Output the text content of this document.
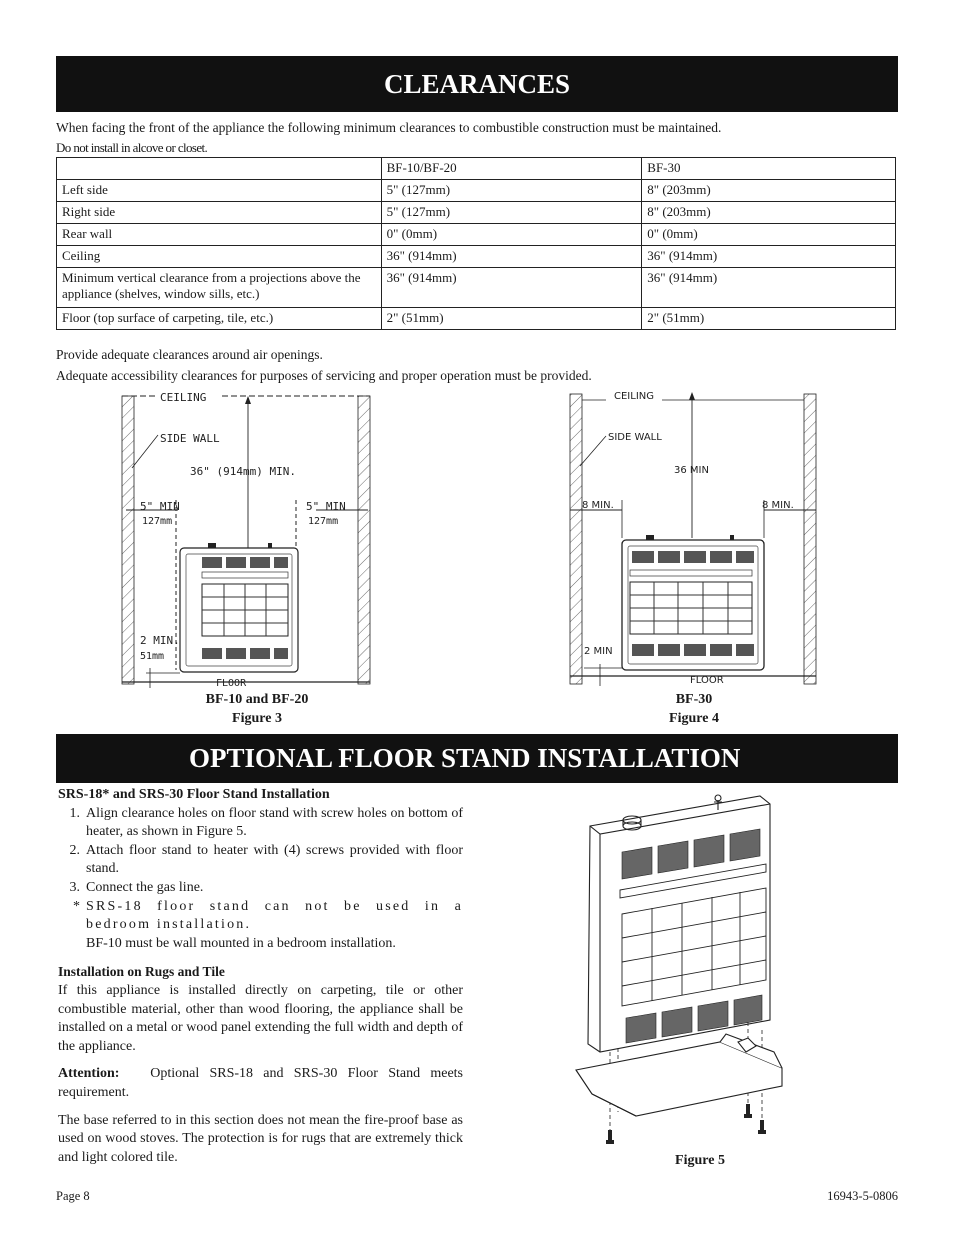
CLEARANCES
When facing the front of the appliance the following minimum clearances to combustible construction must be maintained.
Do not install in alcove or closet.
	BF-10/BF-20	BF-30
Left side	5" (127mm)	8" (203mm)
Right side	5" (127mm)	8" (203mm)
Rear wall	0" (0mm)	0" (0mm)
Ceiling	36" (914mm)	36" (914mm)
Minimum vertical clearance from a projections above the appliance (shelves, window sills, etc.)	36" (914mm)	36" (914mm)
Floor (top surface of carpeting, tile, etc.)	2" (51mm)	2" (51mm)
Provide adequate clearances around air openings.
Adequate accessibility clearances for purposes of servicing and proper operation must be provided.
CEILING
SIDE WALL
36" (914mm) MIN.
5" MIN
127mm
5" MIN
127mm
2 MIN.
51mm
FLOOR
BF-10 and BF-20
Figure 3
CEILING
SIDE WALL
36 MIN
8 MIN.	8 MIN.
2 MIN
FLOOR
BF-30
Figure 4
OPTIONAL FLOOR STAND INSTALLATION

SRS-18* and SRS-30 Floor Stand Installation

1. Align clearance holes on floor stand with screw holes on bottom of heater, as shown in Figure 5.
2. Attach floor stand to heater with (4) screws provided with floor stand.
3. Connect the gas line.
* SRS-18 floor stand can not be used in a bedroom installation.
BF-10 must be wall mounted in a bedroom installation.

Installation on Rugs and Tile

If this appliance is installed directly on carpeting, tile or other combustible material, other than wood flooring, the appliance shall be installed on a metal or wood panel extending the full width and depth of the appliance.

Attention: Optional SRS-18 and SRS-30 Floor Stand meets requirement.

The base referred to in this section does not mean the fire-proof base as used on wood stoves. The protection is for rugs that are extremely thick and light colored tile.	Figure 5
Page 8	16943-5-0806
